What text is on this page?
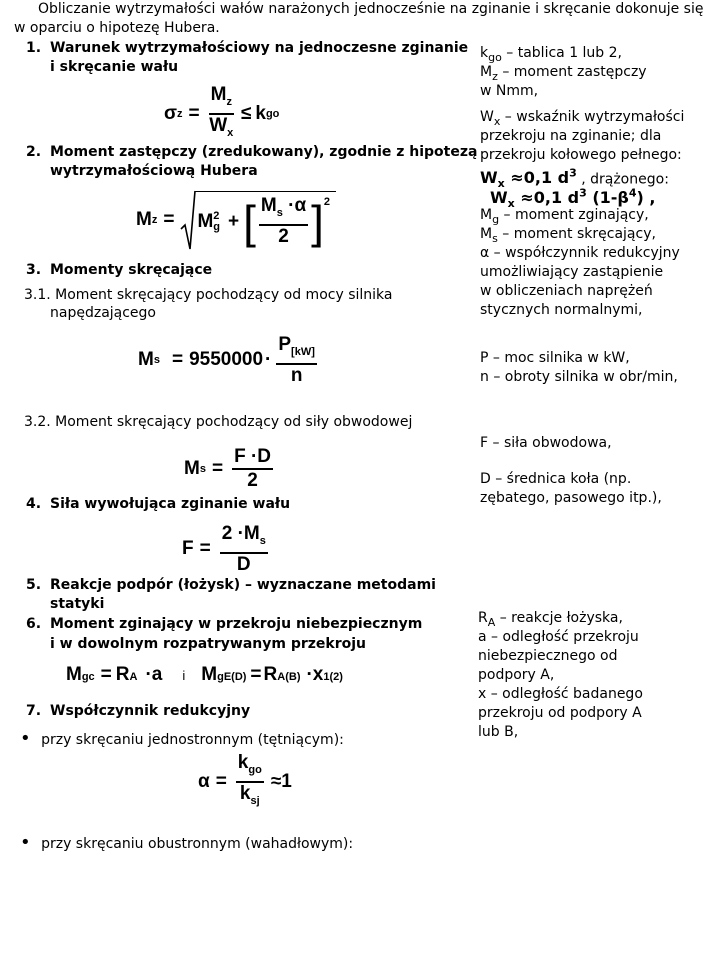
Obliczanie wytrzymałości wałów narażonych jednocześnie na zginanie i skręcanie dokonuje się w oparciu o hipotezę Hubera.
1. Warunek wytrzymałościowy na jednoczesne zginanie
i skręcanie wału
σ $z = \frac{M_z}{W_x} \le k$ go
2. Moment zastępczy (zredukowany), zgodnie z hipotezą
wytrzymałościową Hubera
M z = M 2
g + [ $\frac{M_s \cdot\alpha}{2} ]^2$
3. Momenty skręcające
3.1. Moment skręcający pochodzący od mocy silnika
napędzającego
M $s = 9550000 \cdot \frac{P_{[kW]}}{n}$
3.2. Moment skręcający pochodzący od siły obwodowej
M $s = \frac{F \cdot D}{2}$
4. Siła wywołująca zginanie wału
$F = \frac{2 \cdot M_s}{D}$
5. Reakcje podpór (łożysk) – wyznaczane metodami
statyki
6. Moment zginający w przekroju niebezpiecznym
i w dowolnym rozpatrywanym przekroju
M gc = R A ·a i M gE(D) = R A(B) ·x 1(2)
7. Współczynnik redukcyjny
• przy skręcaniu jednostronnym (tętniącym):
$\alpha = \frac{k_{go}}{k_{sj}} \approx 1$
• przy skręcaniu obustronnym (wahadłowym):
$k_{go}$ – tablica 1 lub 2,
$M_z$ – moment zastępczy
w Nmm,
$W_x$ – wskaźnik wytrzymałości
przekroju na zginanie; dla
przekroju kołowego pełnego:
$W_x \approx 0,1$ $d^3$ , drążonego:
$W_x \approx 0,1$ $d^3$ $(1-\beta^4)$ ,
$M_g$ – moment zginający,
$M_s$ – moment skręcający,
α – współczynnik redukcyjny
umożliwiający zastąpienie
w obliczeniach naprężeń
stycznych normalnymi,
P – moc silnika w kW,
n – obroty silnika w obr/min,
F – siła obwodowa,
D – średnica koła (np.
zębatego, pasowego itp.),
$R_A$ – reakcje łożyska,
a – odległość przekroju
niebezpiecznego od
podpory A,
x – odległość badanego
przekroju od podpory A
lub B,
